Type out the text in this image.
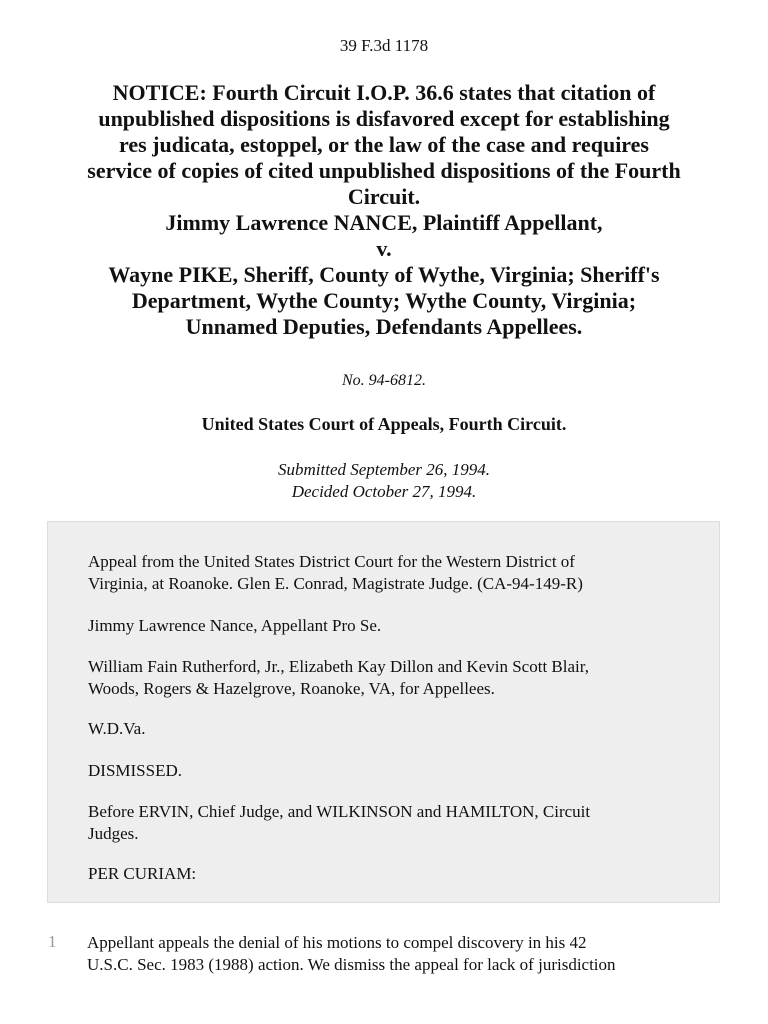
39 F.3d 1178
NOTICE: Fourth Circuit I.O.P. 36.6 states that citation of
unpublished dispositions is disfavored except for establishing
res judicata, estoppel, or the law of the case and requires
service of copies of cited unpublished dispositions of the Fourth
Circuit.
Jimmy Lawrence NANCE, Plaintiff Appellant,
v.
Wayne PIKE, Sheriff, County of Wythe, Virginia; Sheriff's
Department, Wythe County; Wythe County, Virginia;
Unnamed Deputies, Defendants Appellees.
No. 94-6812.
United States Court of Appeals, Fourth Circuit.
Submitted September 26, 1994.
Decided October 27, 1994.

Appeal from the United States District Court for the Western District of
Virginia, at Roanoke. Glen E. Conrad, Magistrate Judge. (CA-94-149-R)

Jimmy Lawrence Nance, Appellant Pro Se.

William Fain Rutherford, Jr., Elizabeth Kay Dillon and Kevin Scott Blair,
Woods, Rogers & Hazelgrove, Roanoke, VA, for Appellees.

W.D.Va.

DISMISSED.

Before ERVIN, Chief Judge, and WILKINSON and HAMILTON, Circuit
Judges.

PER CURIAM:

1 Appellant appeals the denial of his motions to compel discovery in his 42
U.S.C. Sec. 1983 (1988) action. We dismiss the appeal for lack of jurisdiction
